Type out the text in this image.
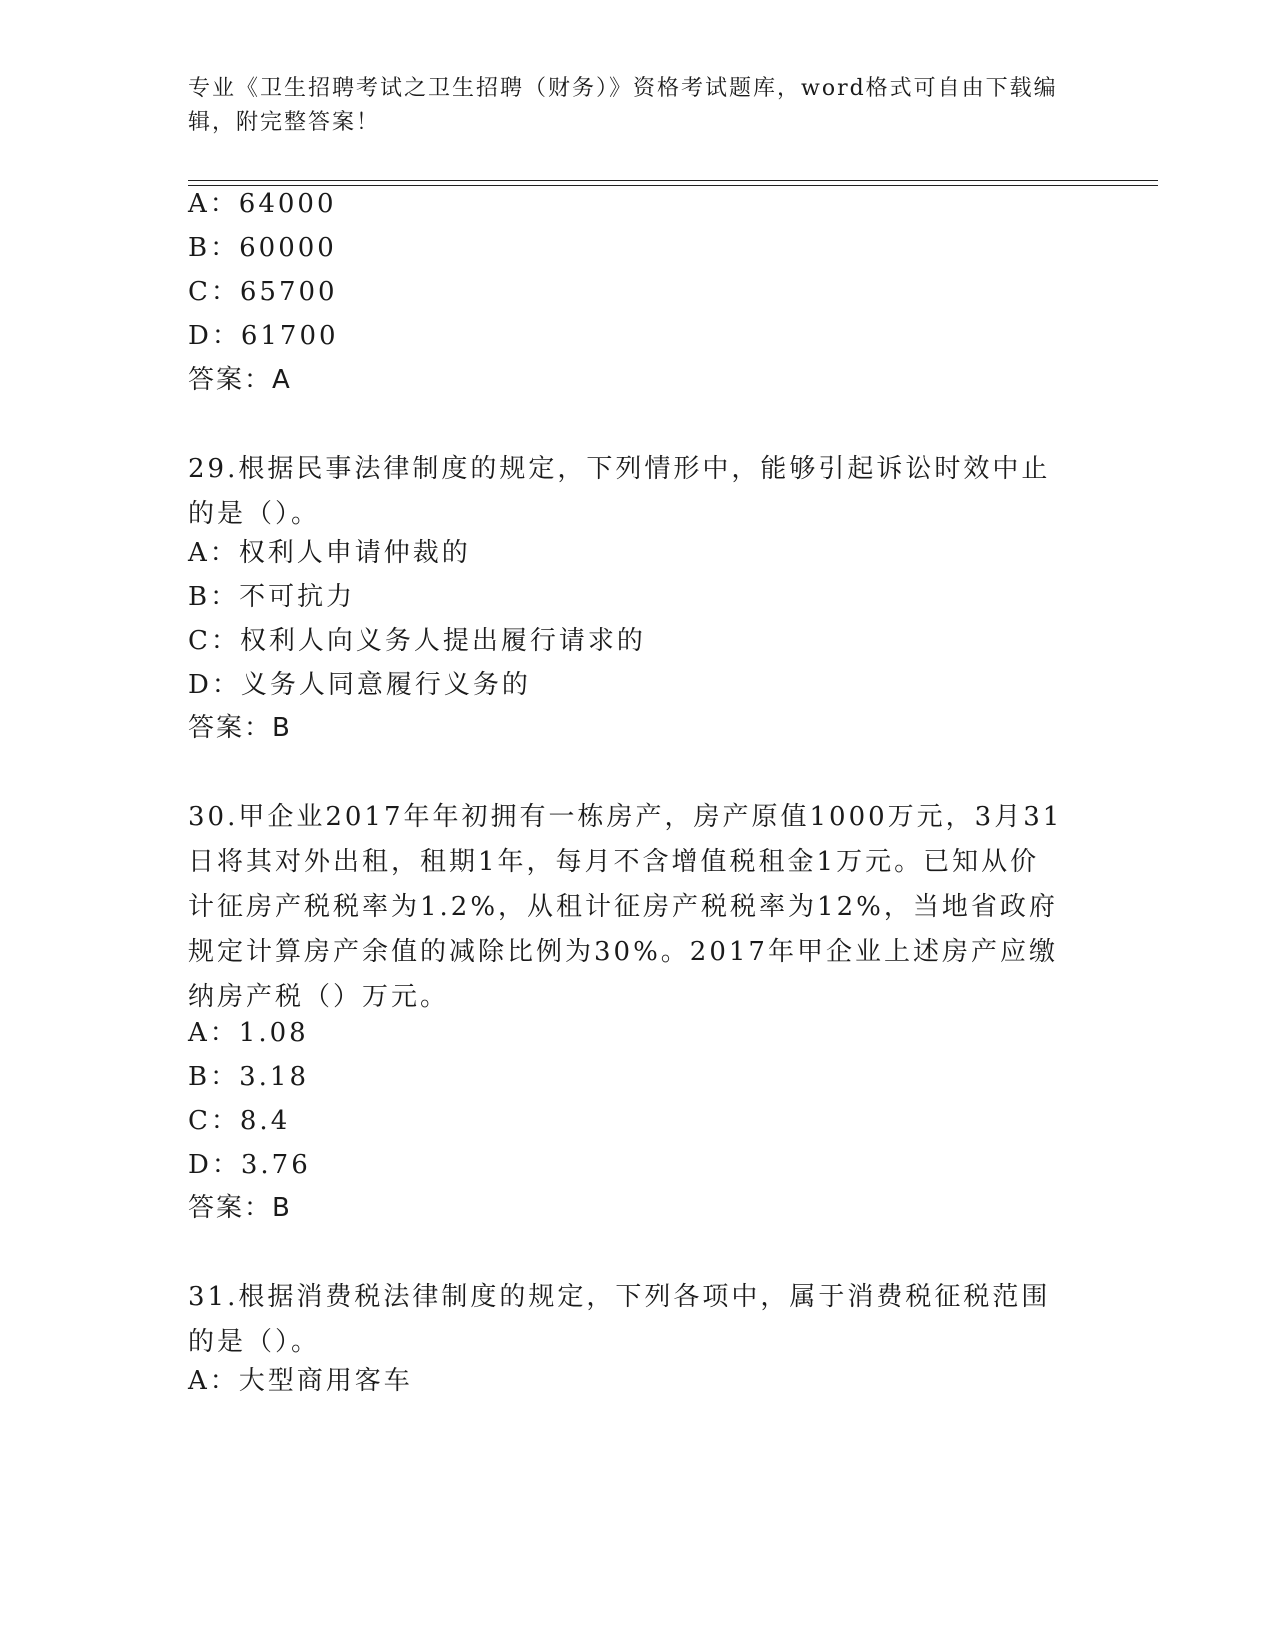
专业《卫生招聘考试之卫生招聘（财务）》资格考试题库，word格式可自由下载编辑，附完整答案！
A：64000
B：60000
C：65700
D：61700
答案：A
29.根据民事法律制度的规定，下列情形中，能够引起诉讼时效中止的是（）。
A：权利人申请仲裁的
B：不可抗力
C：权利人向义务人提出履行请求的
D：义务人同意履行义务的
答案：B
30.甲企业2017年年初拥有一栋房产，房产原值1000万元，3月31日将其对外出租，租期1年，每月不含增值税租金1万元。已知从价计征房产税税率为1.2%，从租计征房产税税率为12%，当地省政府规定计算房产余值的减除比例为30%。2017年甲企业上述房产应缴纳房产税（）万元。
A：1.08
B：3.18
C：8.4
D：3.76
答案：B
31.根据消费税法律制度的规定，下列各项中，属于消费税征税范围的是（）。
A：大型商用客车
